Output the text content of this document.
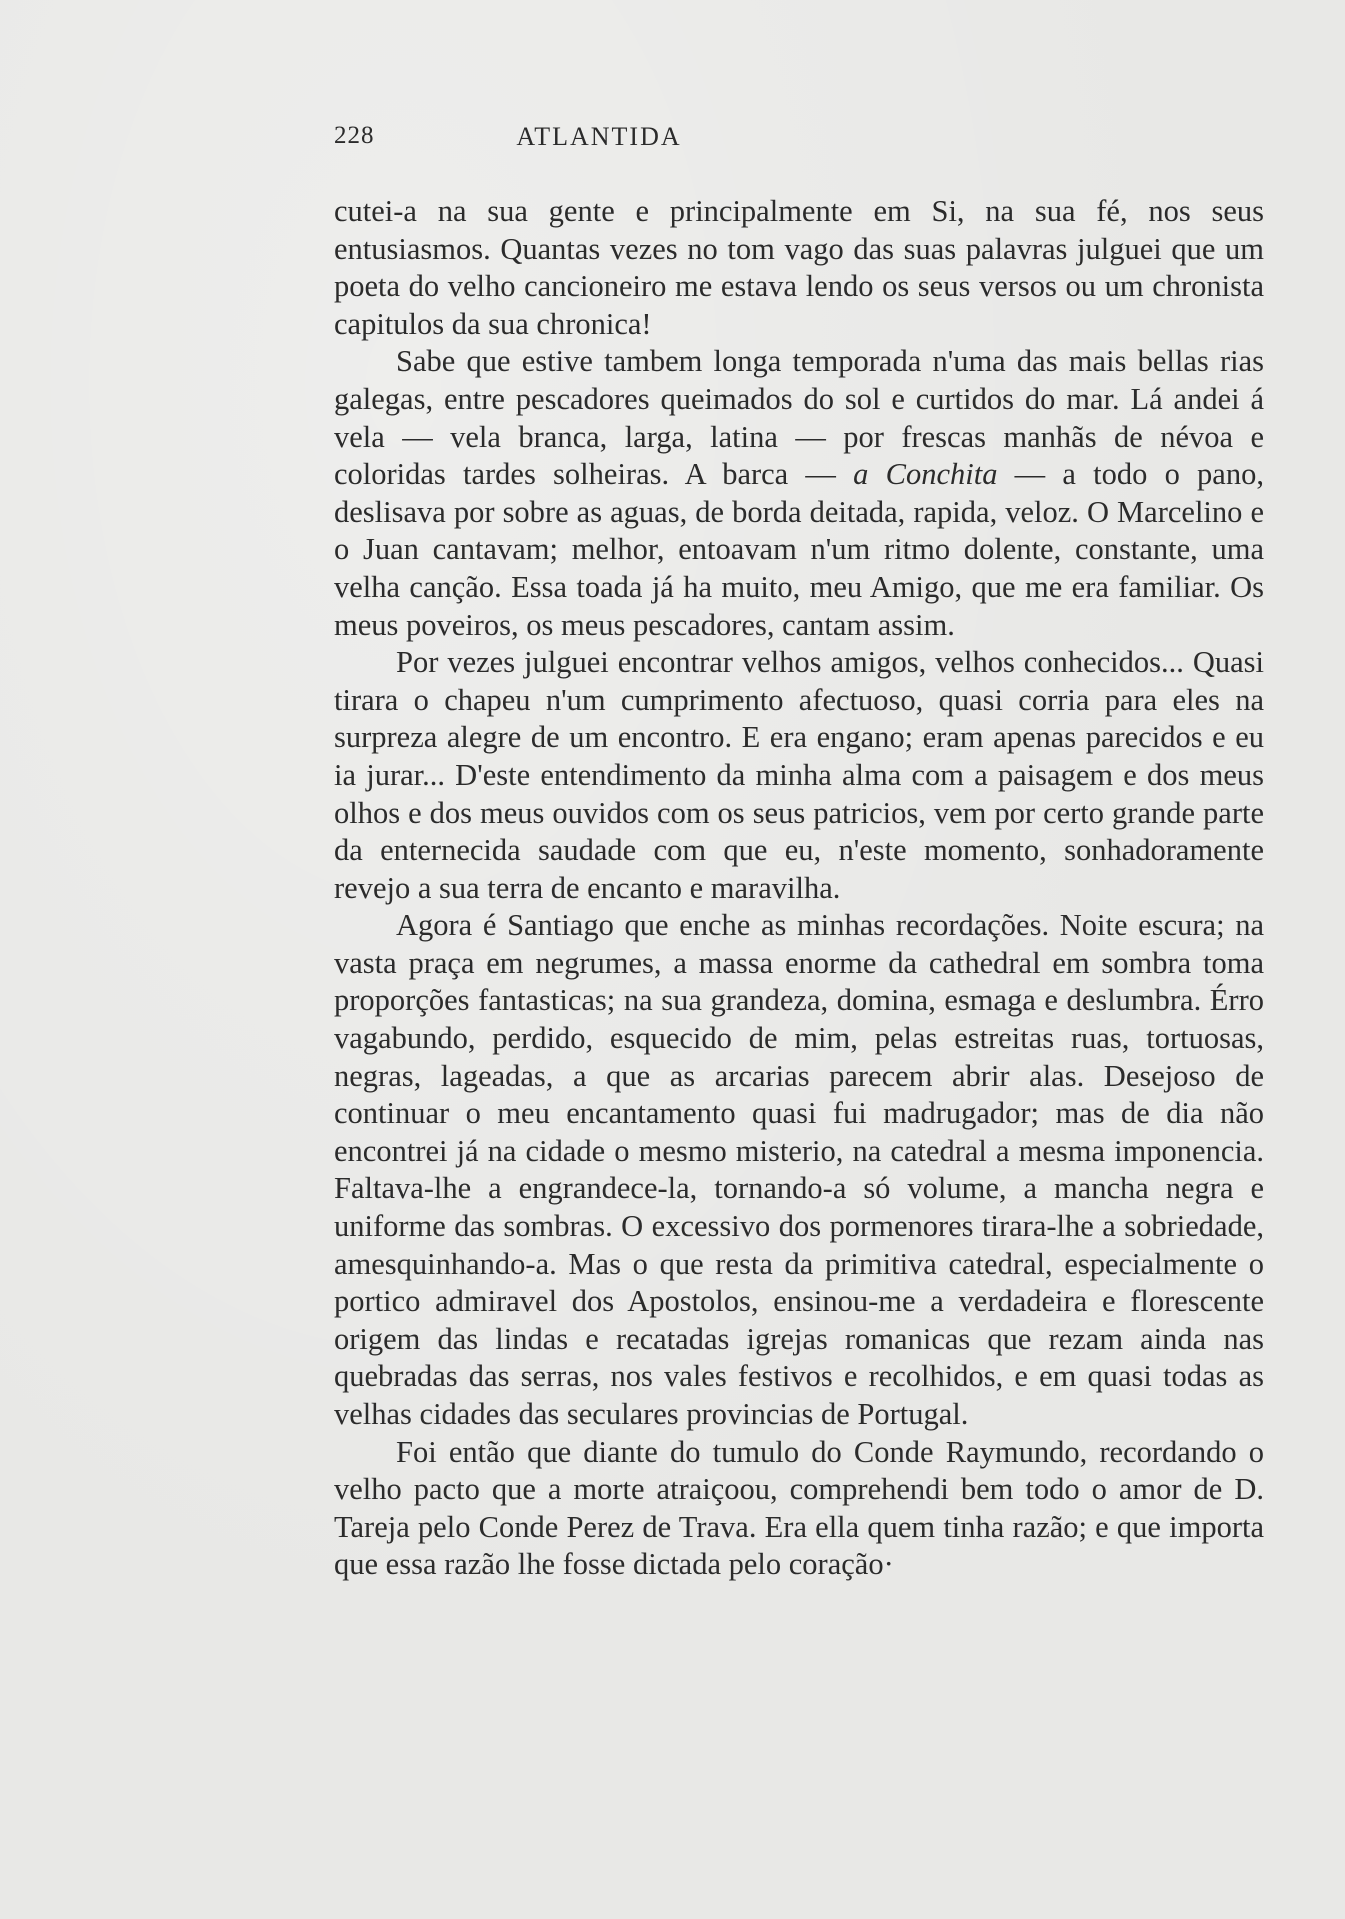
228	ATLANTIDA

cutei-a na sua gente e principalmente em Si, na sua fé, nos seus entusiasmos. Quantas vezes no tom vago das suas palavras julguei que um poeta do velho cancioneiro me estava lendo os seus versos ou um chronista capitulos da sua chronica!

Sabe que estive tambem longa temporada n'uma das mais bellas rias galegas, entre pescadores queimados do sol e curtidos do mar. Lá andei á vela — vela branca, larga, latina — por frescas manhãs de névoa e coloridas tardes solheiras. A barca — a Conchita — a todo o pano, deslisava por sobre as aguas, de borda deitada, rapida, veloz. O Marcelino e o Juan cantavam; melhor, entoavam n'um ritmo dolente, constante, uma velha canção. Essa toada já ha muito, meu Amigo, que me era familiar. Os meus poveiros, os meus pescadores, cantam assim.

Por vezes julguei encontrar velhos amigos, velhos conhecidos... Quasi tirara o chapeu n'um cumprimento afectuoso, quasi corria para eles na surpreza alegre de um encontro. E era engano; eram apenas parecidos e eu ia jurar... D'este entendimento da minha alma com a paisagem e dos meus olhos e dos meus ouvidos com os seus patricios, vem por certo grande parte da enternecida saudade com que eu, n'este momento, sonhadoramente revejo a sua terra de encanto e maravilha.

Agora é Santiago que enche as minhas recordações. Noite escura; na vasta praça em negrumes, a massa enorme da cathedral em sombra toma proporções fantasticas; na sua grandeza, domina, esmaga e deslumbra. Érro vagabundo, perdido, esquecido de mim, pelas estreitas ruas, tortuosas, negras, lageadas, a que as arcarias parecem abrir alas. Desejoso de continuar o meu encantamento quasi fui madrugador; mas de dia não encontrei já na cidade o mesmo misterio, na catedral a mesma imponencia. Faltava-lhe a engrandece-la, tornando-a só volume, a mancha negra e uniforme das sombras. O excessivo dos pormenores tirara-lhe a sobriedade, amesquinhando-a. Mas o que resta da primitiva catedral, especialmente o portico admiravel dos Apostolos, ensinou-me a verdadeira e florescente origem das lindas e recatadas igrejas romanicas que rezam ainda nas quebradas das serras, nos vales festivos e recolhidos, e em quasi todas as velhas cidades das seculares provincias de Portugal.

Foi então que diante do tumulo do Conde Raymundo, recordando o velho pacto que a morte atraiçoou, comprehendi bem todo o amor de D. Tareja pelo Conde Perez de Trava. Era ella quem tinha razão; e que importa que essa razão lhe fosse dictada pelo coração·
